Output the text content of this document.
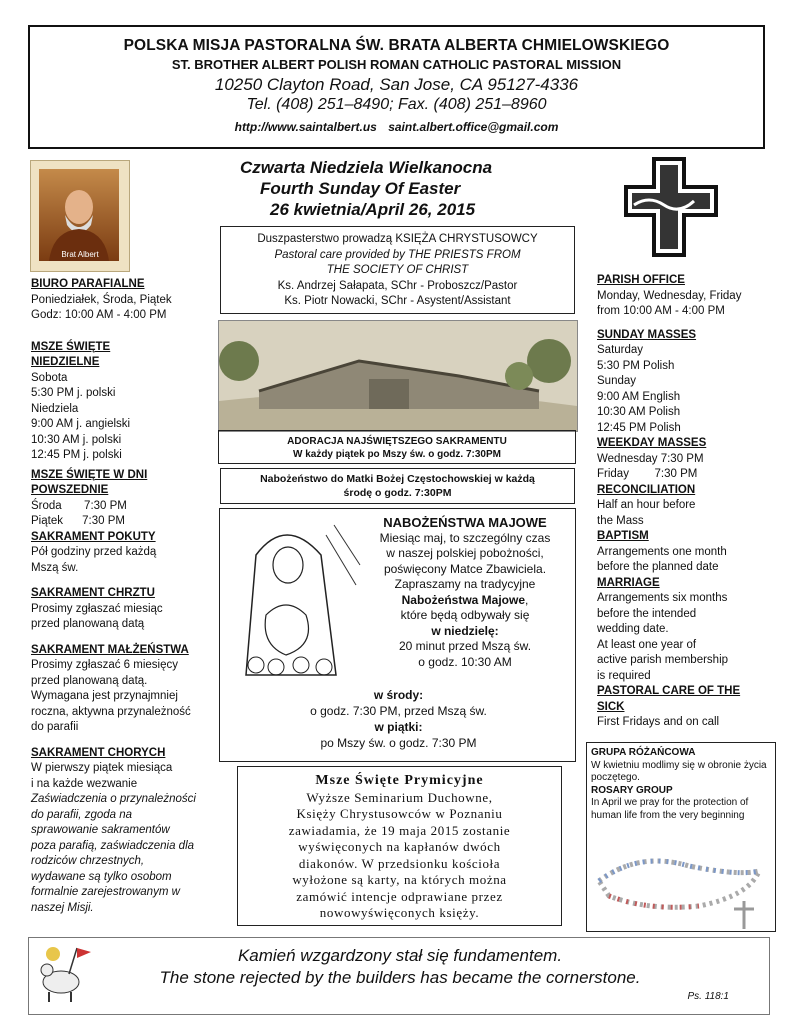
POLSKA MISJA PASTORALNA ŚW. BRATA ALBERTA CHMIELOWSKIEGO
ST. BROTHER ALBERT POLISH ROMAN CATHOLIC PASTORAL MISSION
10250 Clayton Road, San Jose, CA 95127-4336
Tel. (408) 251–8490; Fax. (408) 251–8960
http://www.saintalbert.us saint.albert.office@gmail.com
Brat Albert
Czwarta Niedziela Wielkanocna
Fourth Sunday Of Easter
26 kwietnia/April 26, 2015
BIURO PARAFIALNE
Poniedziałek, Środa, Piątek
Godz: 10:00 AM - 4:00 PM
MSZE ŚWIĘTE
NIEDZIELNE
Sobota
5:30 PM j. polski
Niedziela
9:00 AM j. angielski
10:30 AM j. polski
12:45 PM j. polski
MSZE ŚWIĘTE W DNI
POWSZEDNIE
Środa       7:30 PM
Piątek      7:30 PM
SAKRAMENT POKUTY
Pół godziny przed każdą
Mszą św.
SAKRAMENT CHRZTU
Prosimy zgłaszać miesiąc
przed planowaną datą
SAKRAMENT MAŁŻEŃSTWA
Prosimy zgłaszać 6 miesięcy
przed planowaną datą.
Wymagana jest przynajmniej
roczna, aktywna przynależność
do parafii
SAKRAMENT CHORYCH
W pierwszy piątek miesiąca
i na każde wezwanie
Zaświadczenia o przynależności
do parafii, zgoda na
sprawowanie sakramentów
poza parafią, zaświadczenia dla
rodziców chrzestnych,
wydawane są tylko osobom
formalnie zarejestrowanym w
naszej Misji.
Duszpasterstwo prowadzą KSIĘŻA CHRYSTUSOWCY
Pastoral care provided by THE PRIESTS FROM
THE SOCIETY OF CHRIST
Ks. Andrzej Sałapata, SChr - Proboszcz/Pastor
Ks. Piotr Nowacki, SChr - Asystent/Assistant
ADORACJA NAJŚWIĘTSZEGO SAKRAMENTU
W każdy piątek po Mszy św. o godz. 7:30PM
Nabożeństwo do Matki Bożej Częstochowskiej w każdą
środę o godz. 7:30PM
NABOŻEŃSTWA MAJOWE
Miesiąc maj, to szczególny czas
w naszej polskiej pobożności,
poświęcony Matce Zbawiciela.
Zapraszamy na tradycyjne
Nabożeństwa Majowe,
które będą odbywały się
w niedzielę:
20 minut przed Mszą św.
o godz. 10:30 AM
w środy:
o godz. 7:30 PM, przed Mszą św.
w piątki:
po Mszy św. o godz. 7:30 PM
Msze Święte Prymicyjne
Wyższe Seminarium Duchowne,
Księży Chrystusowców w Poznaniu
zawiadamia, że 19 maja 2015 zostanie
wyświęconych na kapłanów dwóch
diakonów. W przedsionku kościoła
wyłożone są karty, na których można
zamówić intencje odprawiane przez
nowowyświęconych księży.
PARISH OFFICE
Monday, Wednesday, Friday
from 10:00 AM - 4:00 PM
SUNDAY MASSES
Saturday
5:30 PM Polish
Sunday
9:00 AM English
10:30 AM Polish
12:45 PM Polish
WEEKDAY MASSES
Wednesday 7:30 PM
Friday        7:30 PM
RECONCILIATION
Half an hour before
the Mass
BAPTISM
Arrangements one month
before the planned date
MARRIAGE
Arrangements six months
before the intended
wedding date.
At least one year of
active parish membership
is required
PASTORAL CARE OF THE
SICK
First Fridays and on call
GRUPA RÓŻAŃCOWA
W kwietniu modlimy się w obronie życia poczętego.
ROSARY GROUP
In April we pray for the protection of human life from the very beginning
Kamień wzgardzony stał się fundamentem.
The stone rejected by the builders has became the cornerstone.
Ps. 118:1
